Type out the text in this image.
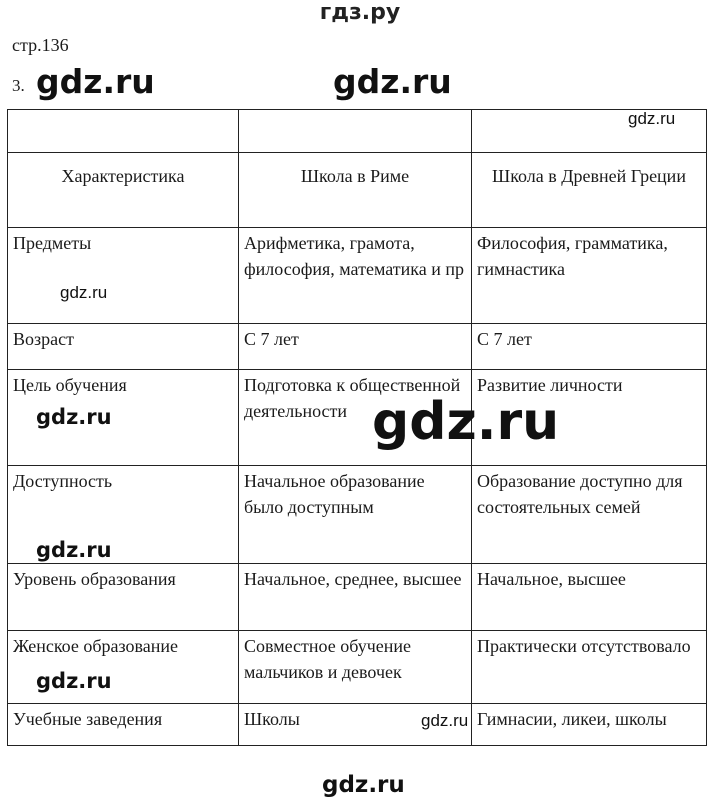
гдз.ру
стр.136
3.

Характеристика	Школа в Риме	Школа в Древней Греции
Предметы	Арифметика, грамота, философия, математика и пр	Философия, грамматика, гимнастика
Возраст	С 7 лет	С 7 лет
Цель обучения	Подготовка к общественной деятельности	Развитие личности
Доступность	Начальное образование было доступным	Образование доступно для состоятельных семей
Уровень образования	Начальное, среднее, высшее	Начальное, высшее
Женское образование	Совместное обучение мальчиков и девочек	Практически отсутствовало
Учебные заведения	Школы	Гимнасии, ликеи, школы
gdz.ru	gdz.ru
gdz.ru
gdz.ru
gdz.ru	gdz.ru
gdz.ru
gdz.ru
gdz.ru
gdz.ru
